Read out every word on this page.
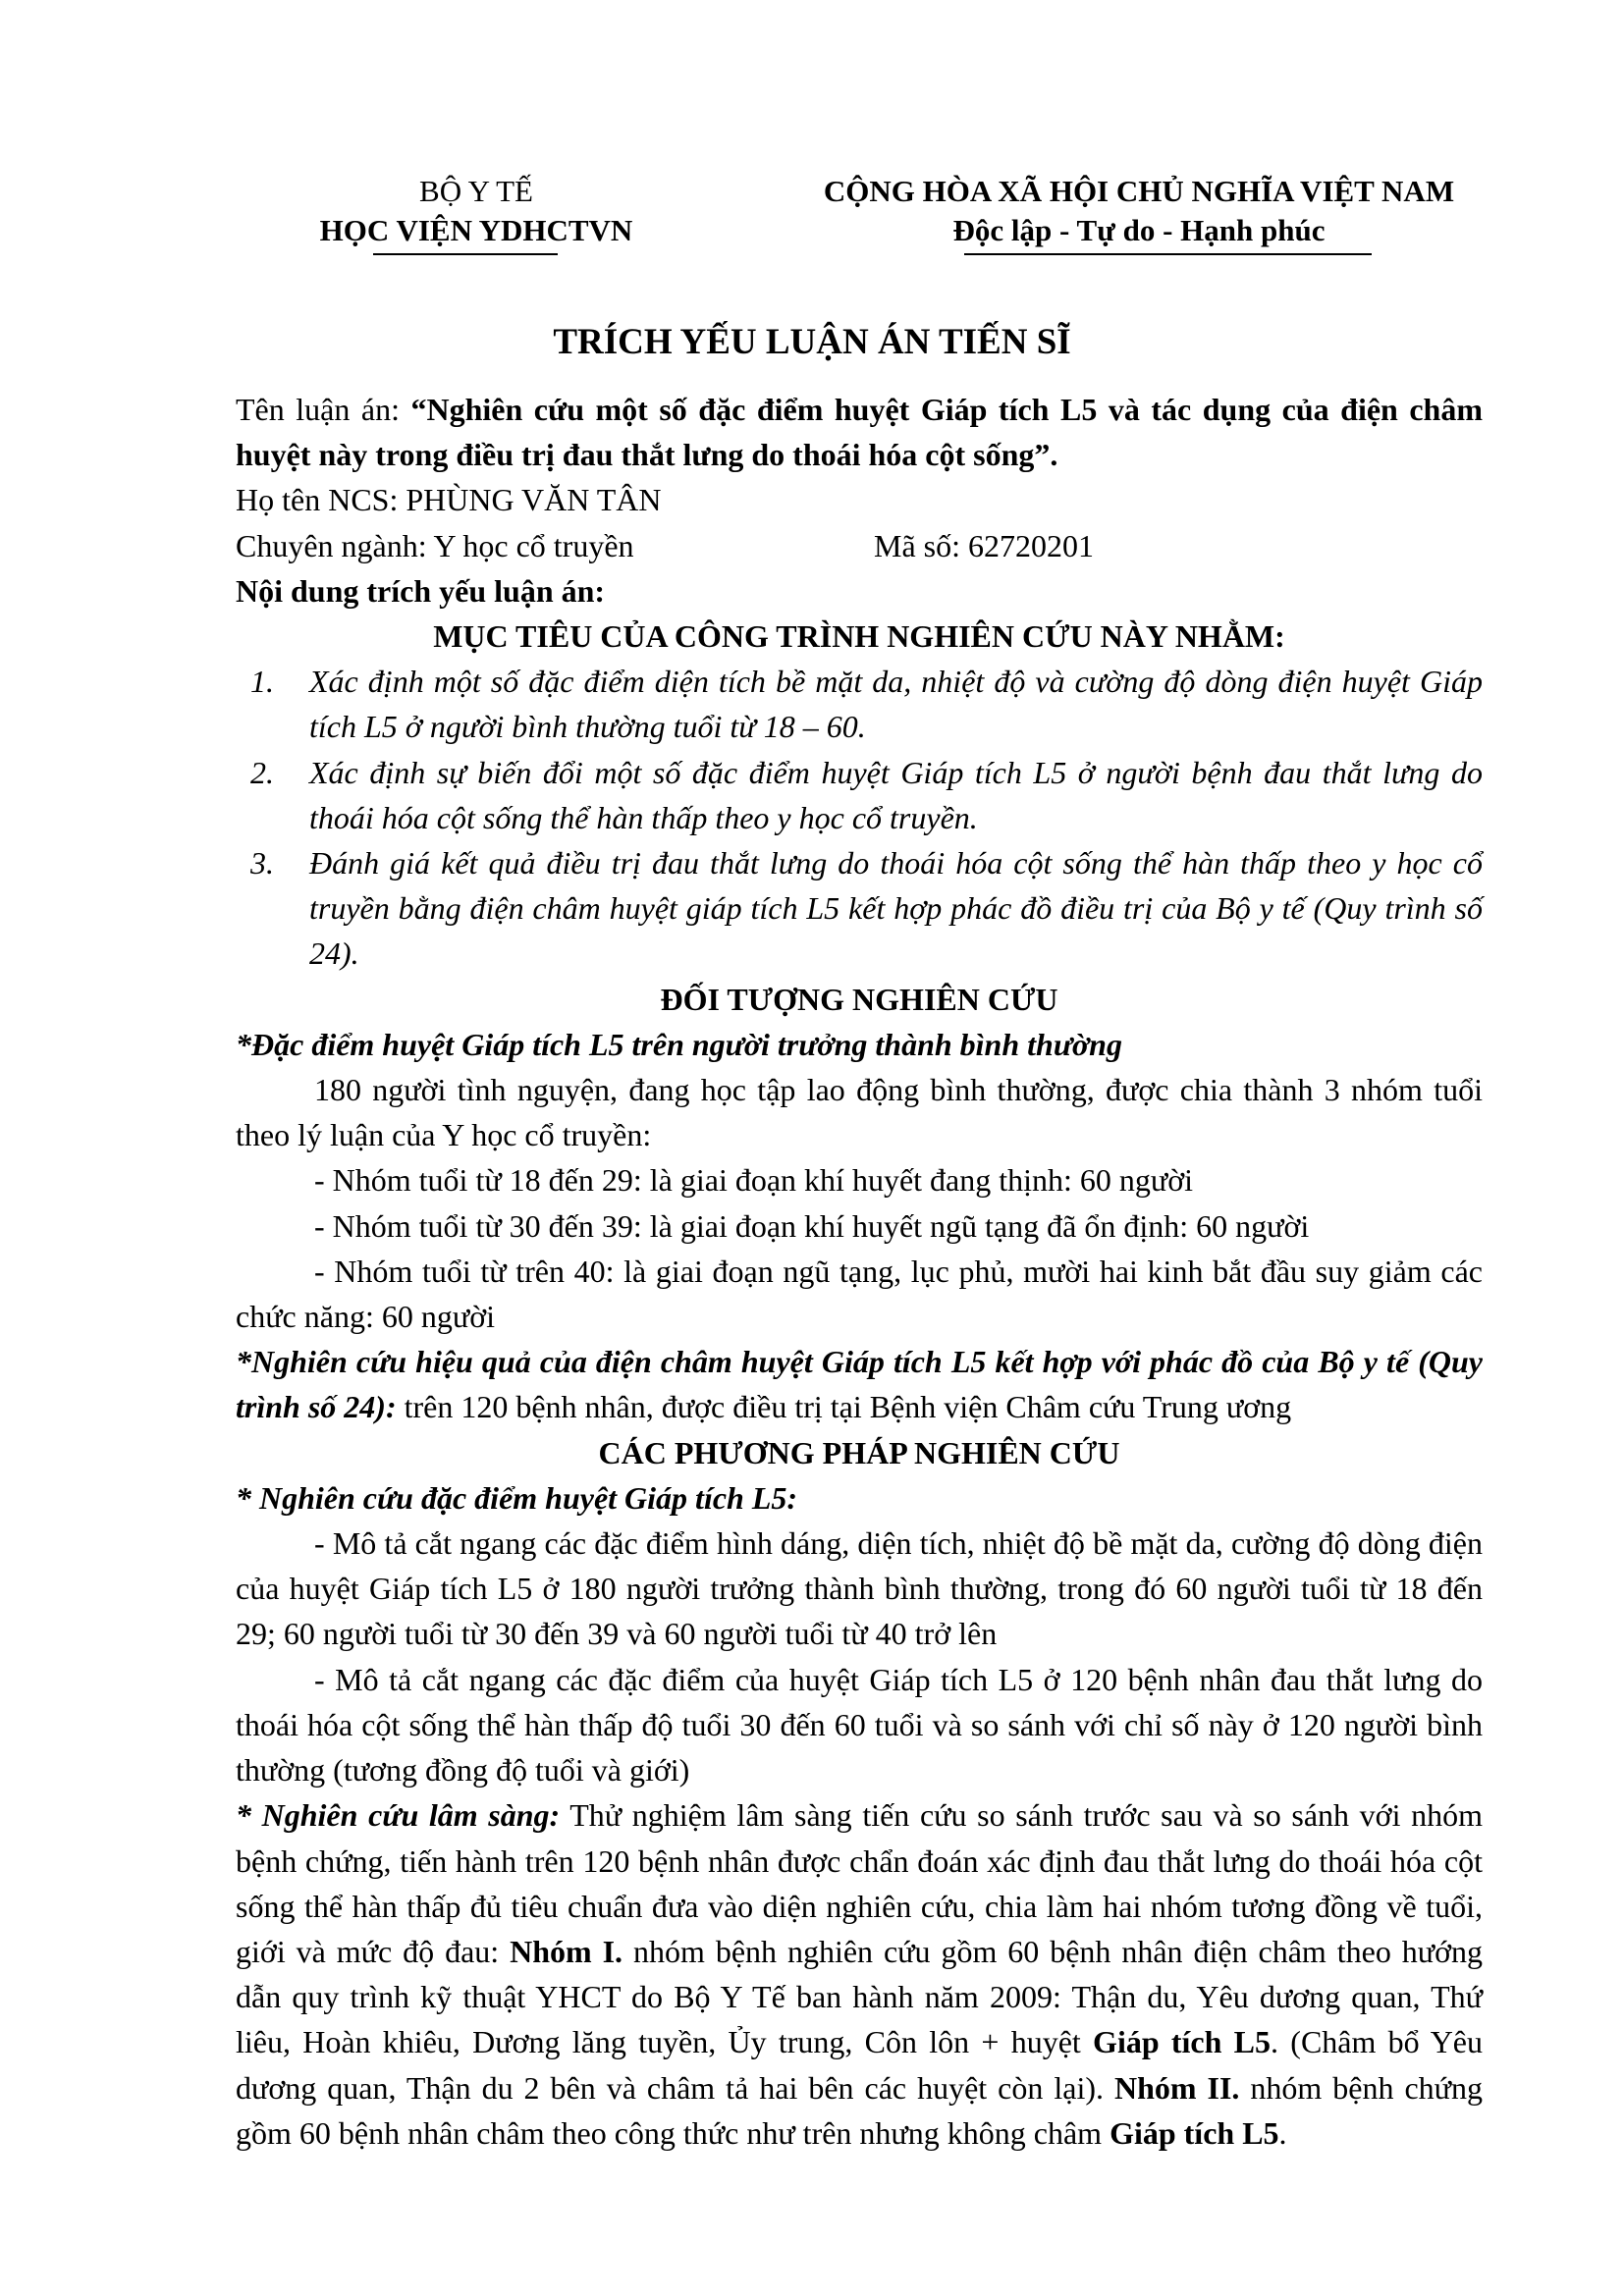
BỘ Y TẾ
HỌC VIỆN YDHCTVN
CỘNG HÒA XÃ HỘI CHỦ NGHĨA VIỆT NAM
Độc lập - Tự do - Hạnh phúc
TRÍCH YẾU LUẬN ÁN TIẾN SĨ

Tên luận án: “Nghiên cứu một số đặc điểm huyệt Giáp tích L5 và tác dụng của điện châm huyệt này trong điều trị đau thắt lưng do thoái hóa cột sống”.

Họ tên NCS: PHÙNG VĂN TÂN

Chuyên ngành: Y học cổ truyền	Mã số: 62720201

Nội dung trích yếu luận án:

MỤC TIÊU CỦA CÔNG TRÌNH NGHIÊN CỨU NÀY NHẰM:

1. Xác định một số đặc điểm diện tích bề mặt da, nhiệt độ và cường độ dòng điện huyệt Giáp tích L5 ở người bình thường tuổi từ 18 – 60.
2. Xác định sự biến đổi một số đặc điểm huyệt Giáp tích L5 ở người bệnh đau thắt lưng do thoái hóa cột sống thể hàn thấp theo y học cổ truyền.
3. Đánh giá kết quả điều trị đau thắt lưng do thoái hóa cột sống thể hàn thấp theo y học cổ truyền bằng điện châm huyệt giáp tích L5 kết hợp phác đồ điều trị của Bộ y tế (Quy trình số 24).

ĐỐI TƯỢNG NGHIÊN CỨU

*Đặc điểm huyệt Giáp tích L5 trên người trưởng thành bình thường

180 người tình nguyện, đang học tập lao động bình thường, được chia thành 3 nhóm tuổi theo lý luận của Y học cổ truyền:

- Nhóm tuổi từ 18 đến 29: là giai đoạn khí huyết đang thịnh: 60 người

- Nhóm tuổi từ 30 đến 39: là giai đoạn khí huyết ngũ tạng đã ổn định: 60 người

- Nhóm tuổi từ trên 40: là giai đoạn ngũ tạng, lục phủ, mười hai kinh bắt đầu suy giảm các chức năng: 60 người

*Nghiên cứu hiệu quả của điện châm huyệt Giáp tích L5 kết hợp với phác đồ của Bộ y tế (Quy trình số 24): trên 120 bệnh nhân, được điều trị tại Bệnh viện Châm cứu Trung ương

CÁC PHƯƠNG PHÁP NGHIÊN CỨU

* Nghiên cứu đặc điểm huyệt Giáp tích L5:

- Mô tả cắt ngang các đặc điểm hình dáng, diện tích, nhiệt độ bề mặt da, cường độ dòng điện của huyệt Giáp tích L5 ở 180 người trưởng thành bình thường, trong đó 60 người tuổi từ 18 đến 29; 60 người tuổi từ 30 đến 39 và 60 người tuổi từ 40 trở lên

- Mô tả cắt ngang các đặc điểm của huyệt Giáp tích L5 ở 120 bệnh nhân đau thắt lưng do thoái hóa cột sống thể hàn thấp độ tuổi 30 đến 60 tuổi và so sánh với chỉ số này ở 120 người bình thường (tương đồng độ tuổi và giới)

* Nghiên cứu lâm sàng: Thử nghiệm lâm sàng tiến cứu so sánh trước sau và so sánh với nhóm bệnh chứng, tiến hành trên 120 bệnh nhân được chẩn đoán xác định đau thắt lưng do thoái hóa cột sống thể hàn thấp đủ tiêu chuẩn đưa vào diện nghiên cứu, chia làm hai nhóm tương đồng về tuổi, giới và mức độ đau: Nhóm I. nhóm bệnh nghiên cứu gồm 60 bệnh nhân điện châm theo hướng dẫn quy trình kỹ thuật YHCT do Bộ Y Tế ban hành năm 2009: Thận du, Yêu dương quan, Thứ liêu, Hoàn khiêu, Dương lăng tuyền, Ủy trung, Côn lôn + huyệt Giáp tích L5. (Châm bổ Yêu dương quan, Thận du 2 bên và châm tả hai bên các huyệt còn lại). Nhóm II. nhóm bệnh chứng gồm 60 bệnh nhân châm theo công thức như trên nhưng không châm Giáp tích L5.
